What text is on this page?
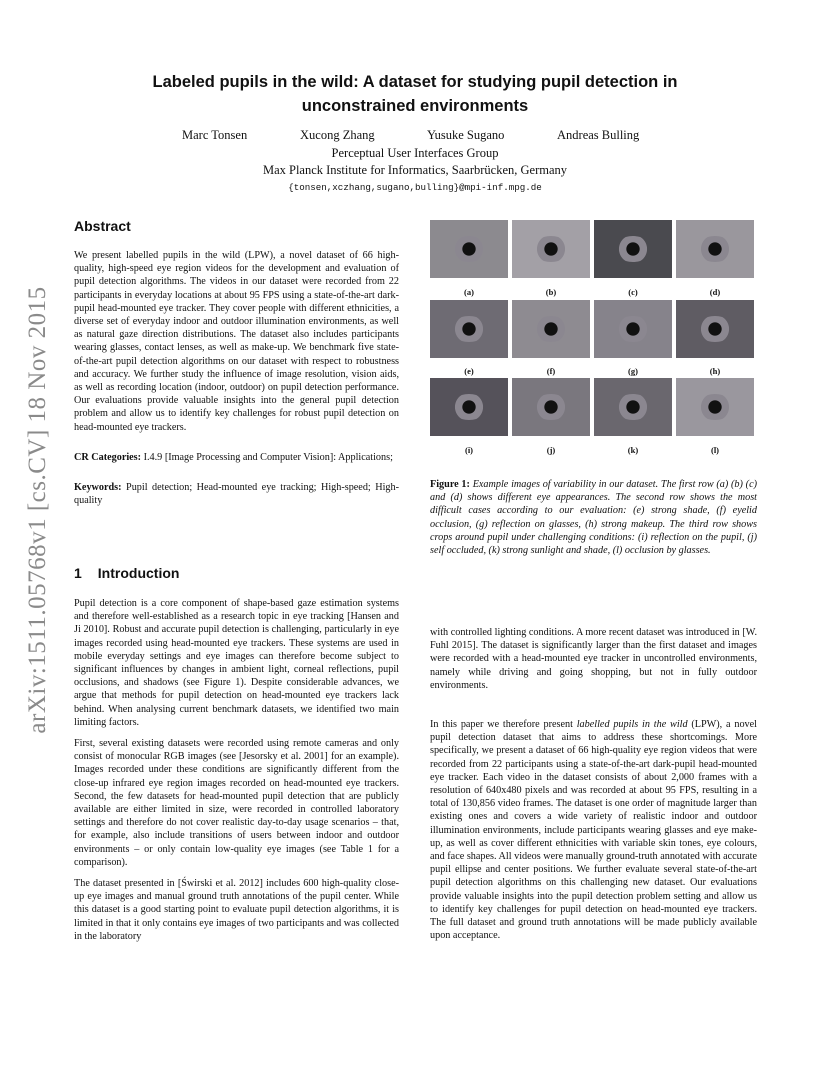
arXiv:1511.05768v1 [cs.CV] 18 Nov 2015
Labeled pupils in the wild: A dataset for studying pupil detection in
unconstrained environments
Marc Tonsen	Xucong Zhang	Yusuke Sugano	Andreas Bulling
Perceptual User Interfaces Group
Max Planck Institute for Informatics, Saarbrücken, Germany
{tonsen,xczhang,sugano,bulling}@mpi-inf.mpg.de
Abstract

We present labelled pupils in the wild (LPW), a novel dataset of 66 high-quality, high-speed eye region videos for the development and evaluation of pupil detection algorithms. The videos in our dataset were recorded from 22 participants in everyday locations at about 95 FPS using a state-of-the-art dark-pupil head-mounted eye tracker. They cover people with different ethnicities, a diverse set of everyday indoor and outdoor illumination environments, as well as natural gaze direction distributions. The dataset also includes participants wearing glasses, contact lenses, as well as make-up. We benchmark five state-of-the-art pupil detection algorithms on our dataset with respect to robustness and accuracy. We further study the influence of image resolution, vision aids, as well as recording location (indoor, outdoor) on pupil detection performance. Our evaluations provide valuable insights into the general pupil detection problem and allow us to identify key challenges for robust pupil detection on head-mounted eye trackers.

CR Categories: I.4.9 [Image Processing and Computer Vision]: Applications;

Keywords: Pupil detection; Head-mounted eye tracking; High-speed; High-quality

1 Introduction

Pupil detection is a core component of shape-based gaze estimation systems and therefore well-established as a research topic in eye tracking [Hansen and Ji 2010]. Robust and accurate pupil detection is challenging, particularly in eye images recorded using head-mounted eye trackers. These systems are used in mobile everyday settings and eye images can therefore become subject to significant influences by changes in ambient light, corneal reflections, pupil occlusions, and shadows (see Figure 1). Despite considerable advances, we argue that methods for pupil detection on head-mounted eye trackers lack behind. When analysing current benchmark datasets, we identified two main limiting factors.

First, several existing datasets were recorded using remote cameras and only consist of monocular RGB images (see [Jesorsky et al. 2001] for an example). Images recorded under these conditions are significantly different from the close-up infrared eye region images recorded on head-mounted eye trackers. Second, the few datasets for head-mounted pupil detection that are publicly available are either limited in size, were recorded in controlled laboratory settings and therefore do not cover realistic day-to-day usage scenarios – that, for example, also include transitions of users between indoor and outdoor environments – or only contain low-quality eye images (see Table 1 for a comparison).

The dataset presented in [Świrski et al. 2012] includes 600 high-quality close-up eye images and manual ground truth annotations of the pupil center. While this dataset is a good starting point to evaluate pupil detection algorithms, it is limited in that it only contains eye images of two participants and was collected in the laboratory

(a)	(b)	(c)	(d)
(e)	(f)	(g)	(h)
(i)	(j)	(k)	(l)
Figure 1: Example images of variability in our dataset. The first row (a) (b) (c) and (d) shows different eye appearances. The second row shows the most difficult cases according to our evaluation: (e) strong shade, (f) eyelid occlusion, (g) reflection on glasses, (h) strong makeup. The third row shows crops around pupil under challenging conditions: (i) reflection on the pupil, (j) self occluded, (k) strong sunlight and shade, (l) occlusion by glasses.

with controlled lighting conditions. A more recent dataset was introduced in [W. Fuhl 2015]. The dataset is significantly larger than the first dataset and images were recorded with a head-mounted eye tracker in uncontrolled environments, namely while driving and going shopping, but not in fully outdoor environments.

In this paper we therefore present labelled pupils in the wild (LPW), a novel pupil detection dataset that aims to address these shortcomings. More specifically, we present a dataset of 66 high-quality eye region videos that were recorded from 22 participants using a state-of-the-art dark-pupil head-mounted eye tracker. Each video in the dataset consists of about 2,000 frames with a resolution of 640x480 pixels and was recorded at about 95 FPS, resulting in a total of 130,856 video frames. The dataset is one order of magnitude larger than existing ones and covers a wide variety of realistic indoor and outdoor illumination environments, include participants wearing glasses and eye make-up, as well as cover different ethnicities with variable skin tones, eye colours, and face shapes. All videos were manually ground-truth annotated with accurate pupil ellipse and center positions. We further evaluate several state-of-the-art pupil detection algorithms on this challenging new dataset. Our evaluations provide valuable insights into the pupil detection problem setting and allow us to identify key challenges for pupil detection on head-mounted eye trackers. The full dataset and ground truth annotations will be made publicly available upon acceptance.
